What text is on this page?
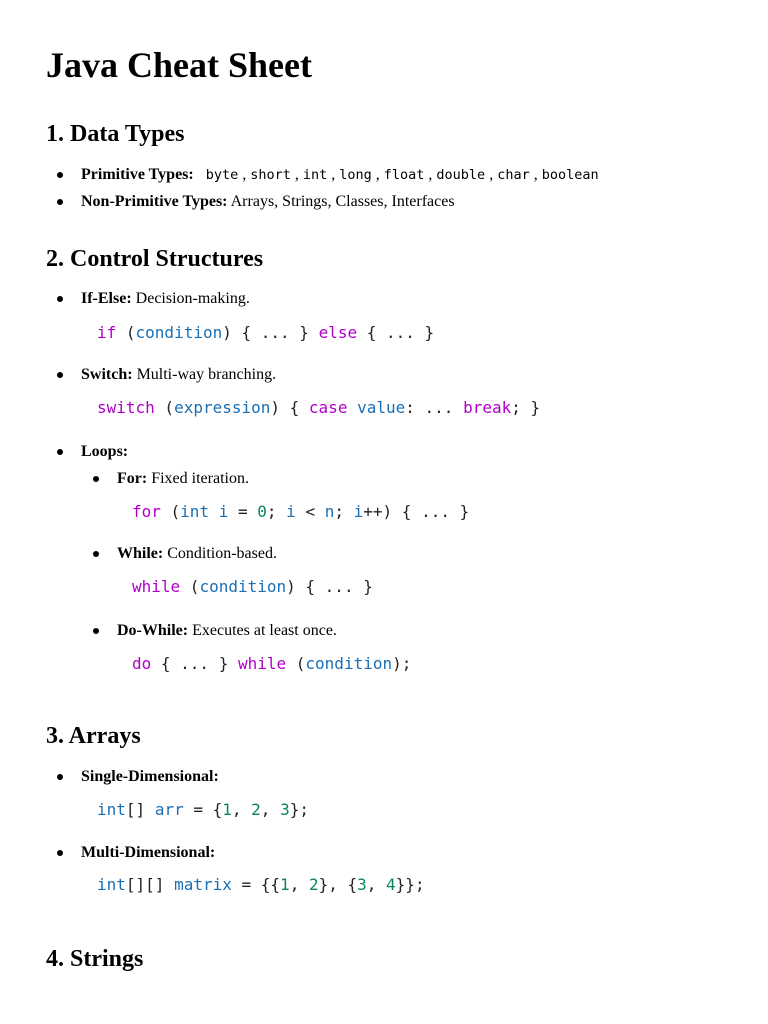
Java Cheat Sheet
1. Data Types
Primitive Types: byte , short , int , long , float , double , char , boolean
Non-Primitive Types: Arrays, Strings, Classes, Interfaces
2. Control Structures
If-Else: Decision-making.
if (condition) { ... } else { ... }
Switch: Multi-way branching.
switch (expression) { case value: ... break; }
Loops:
For: Fixed iteration.
for (int i = 0; i < n; i++) { ... }
While: Condition-based.
while (condition) { ... }
Do-While: Executes at least once.
do { ... } while (condition);
3. Arrays
Single-Dimensional:
int[] arr = {1, 2, 3};
Multi-Dimensional:
int[][] matrix = {{1, 2}, {3, 4}};
4. Strings
